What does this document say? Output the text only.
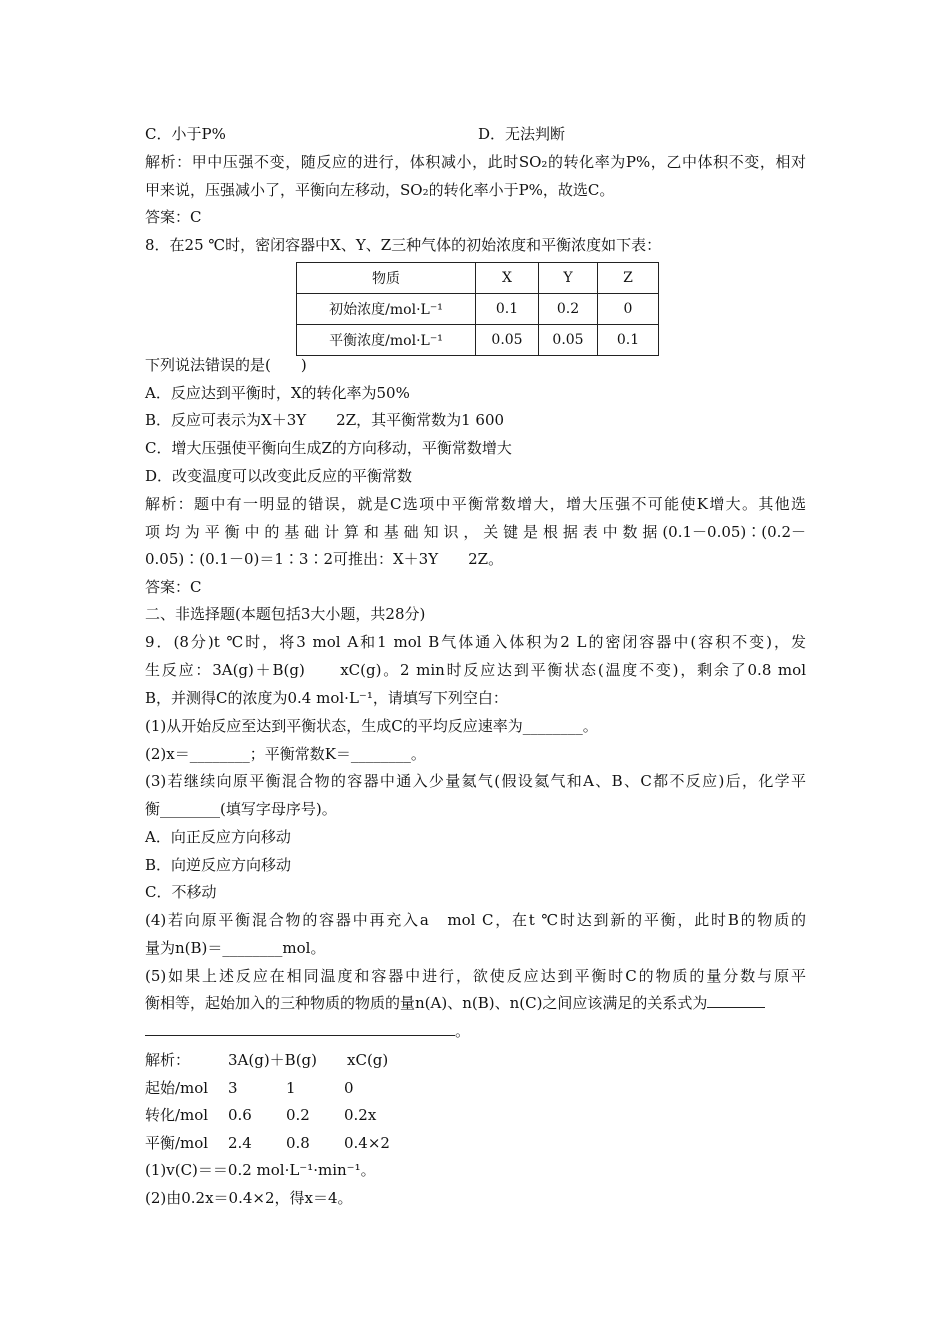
C．小于P%	D．无法判断
解析：甲中压强不变，随反应的进行，体积减小，此时SO₂的转化率为P%，乙中体积不变，相对
甲来说，压强减小了，平衡向左移动，SO₂的转化率小于P%，故选C。
答案：C
8．在25 ℃时，密闭容器中X、Y、Z三种气体的初始浓度和平衡浓度如下表：
物质	X	Y	Z
初始浓度/mol·L⁻¹	0.1	0.2	0
平衡浓度/mol·L⁻¹	0.05	0.05	0.1
下列说法错误的是(　　)
A．反应达到平衡时，X的转化率为50%
B．反应可表示为X＋3Y　　2Z，其平衡常数为1 600
C．增大压强使平衡向生成Z的方向移动，平衡常数增大
D．改变温度可以改变此反应的平衡常数
解析：题中有一明显的错误，就是C选项中平衡常数增大，增大压强不可能使K增大。其他选
项均为平衡中的基础计算和基础知识，关键是根据表中数据(0.1－0.05)∶(0.2－
0.05)∶(0.1－0)＝1∶3∶2可推出：X＋3Y　　2Z。
答案：C
二、非选择题(本题包括3大小题，共28分)
9．(8分)t ℃时，将3 mol A和1 mol B气体通入体积为2 L的密闭容器中(容积不变)，发
生反应：3A(g)＋B(g)　　xC(g)。2 min时反应达到平衡状态(温度不变)，剩余了0.8 mol
B，并测得C的浓度为0.4 mol·L⁻¹，请填写下列空白：
(1)从开始反应至达到平衡状态，生成C的平均反应速率为________。
(2)x＝________；平衡常数K＝________。
(3)若继续向原平衡混合物的容器中通入少量氦气(假设氦气和A、B、C都不反应)后，化学平
衡________(填写字母序号)。
A．向正反应方向移动
B．向逆反应方向移动
C．不移动
(4)若向原平衡混合物的容器中再充入a　mol C，在t ℃时达到新的平衡，此时B的物质的
量为n(B)＝________mol。
(5)如果上述反应在相同温度和容器中进行，欲使反应达到平衡时C的物质的量分数与原平
衡相等，起始加入的三种物质的物质的量n(A)、n(B)、n(C)之间应该满足的关系式为
。
解析：	3A(g)＋B(g)　　xC(g)
起始/mol 3	1	0
转化/mol 0.6 0.2 0.2x
平衡/mol 2.4 0.8 0.4×2
(1)v(C)＝＝0.2 mol·L⁻¹·min⁻¹。
(2)由0.2x＝0.4×2，得x＝4。
